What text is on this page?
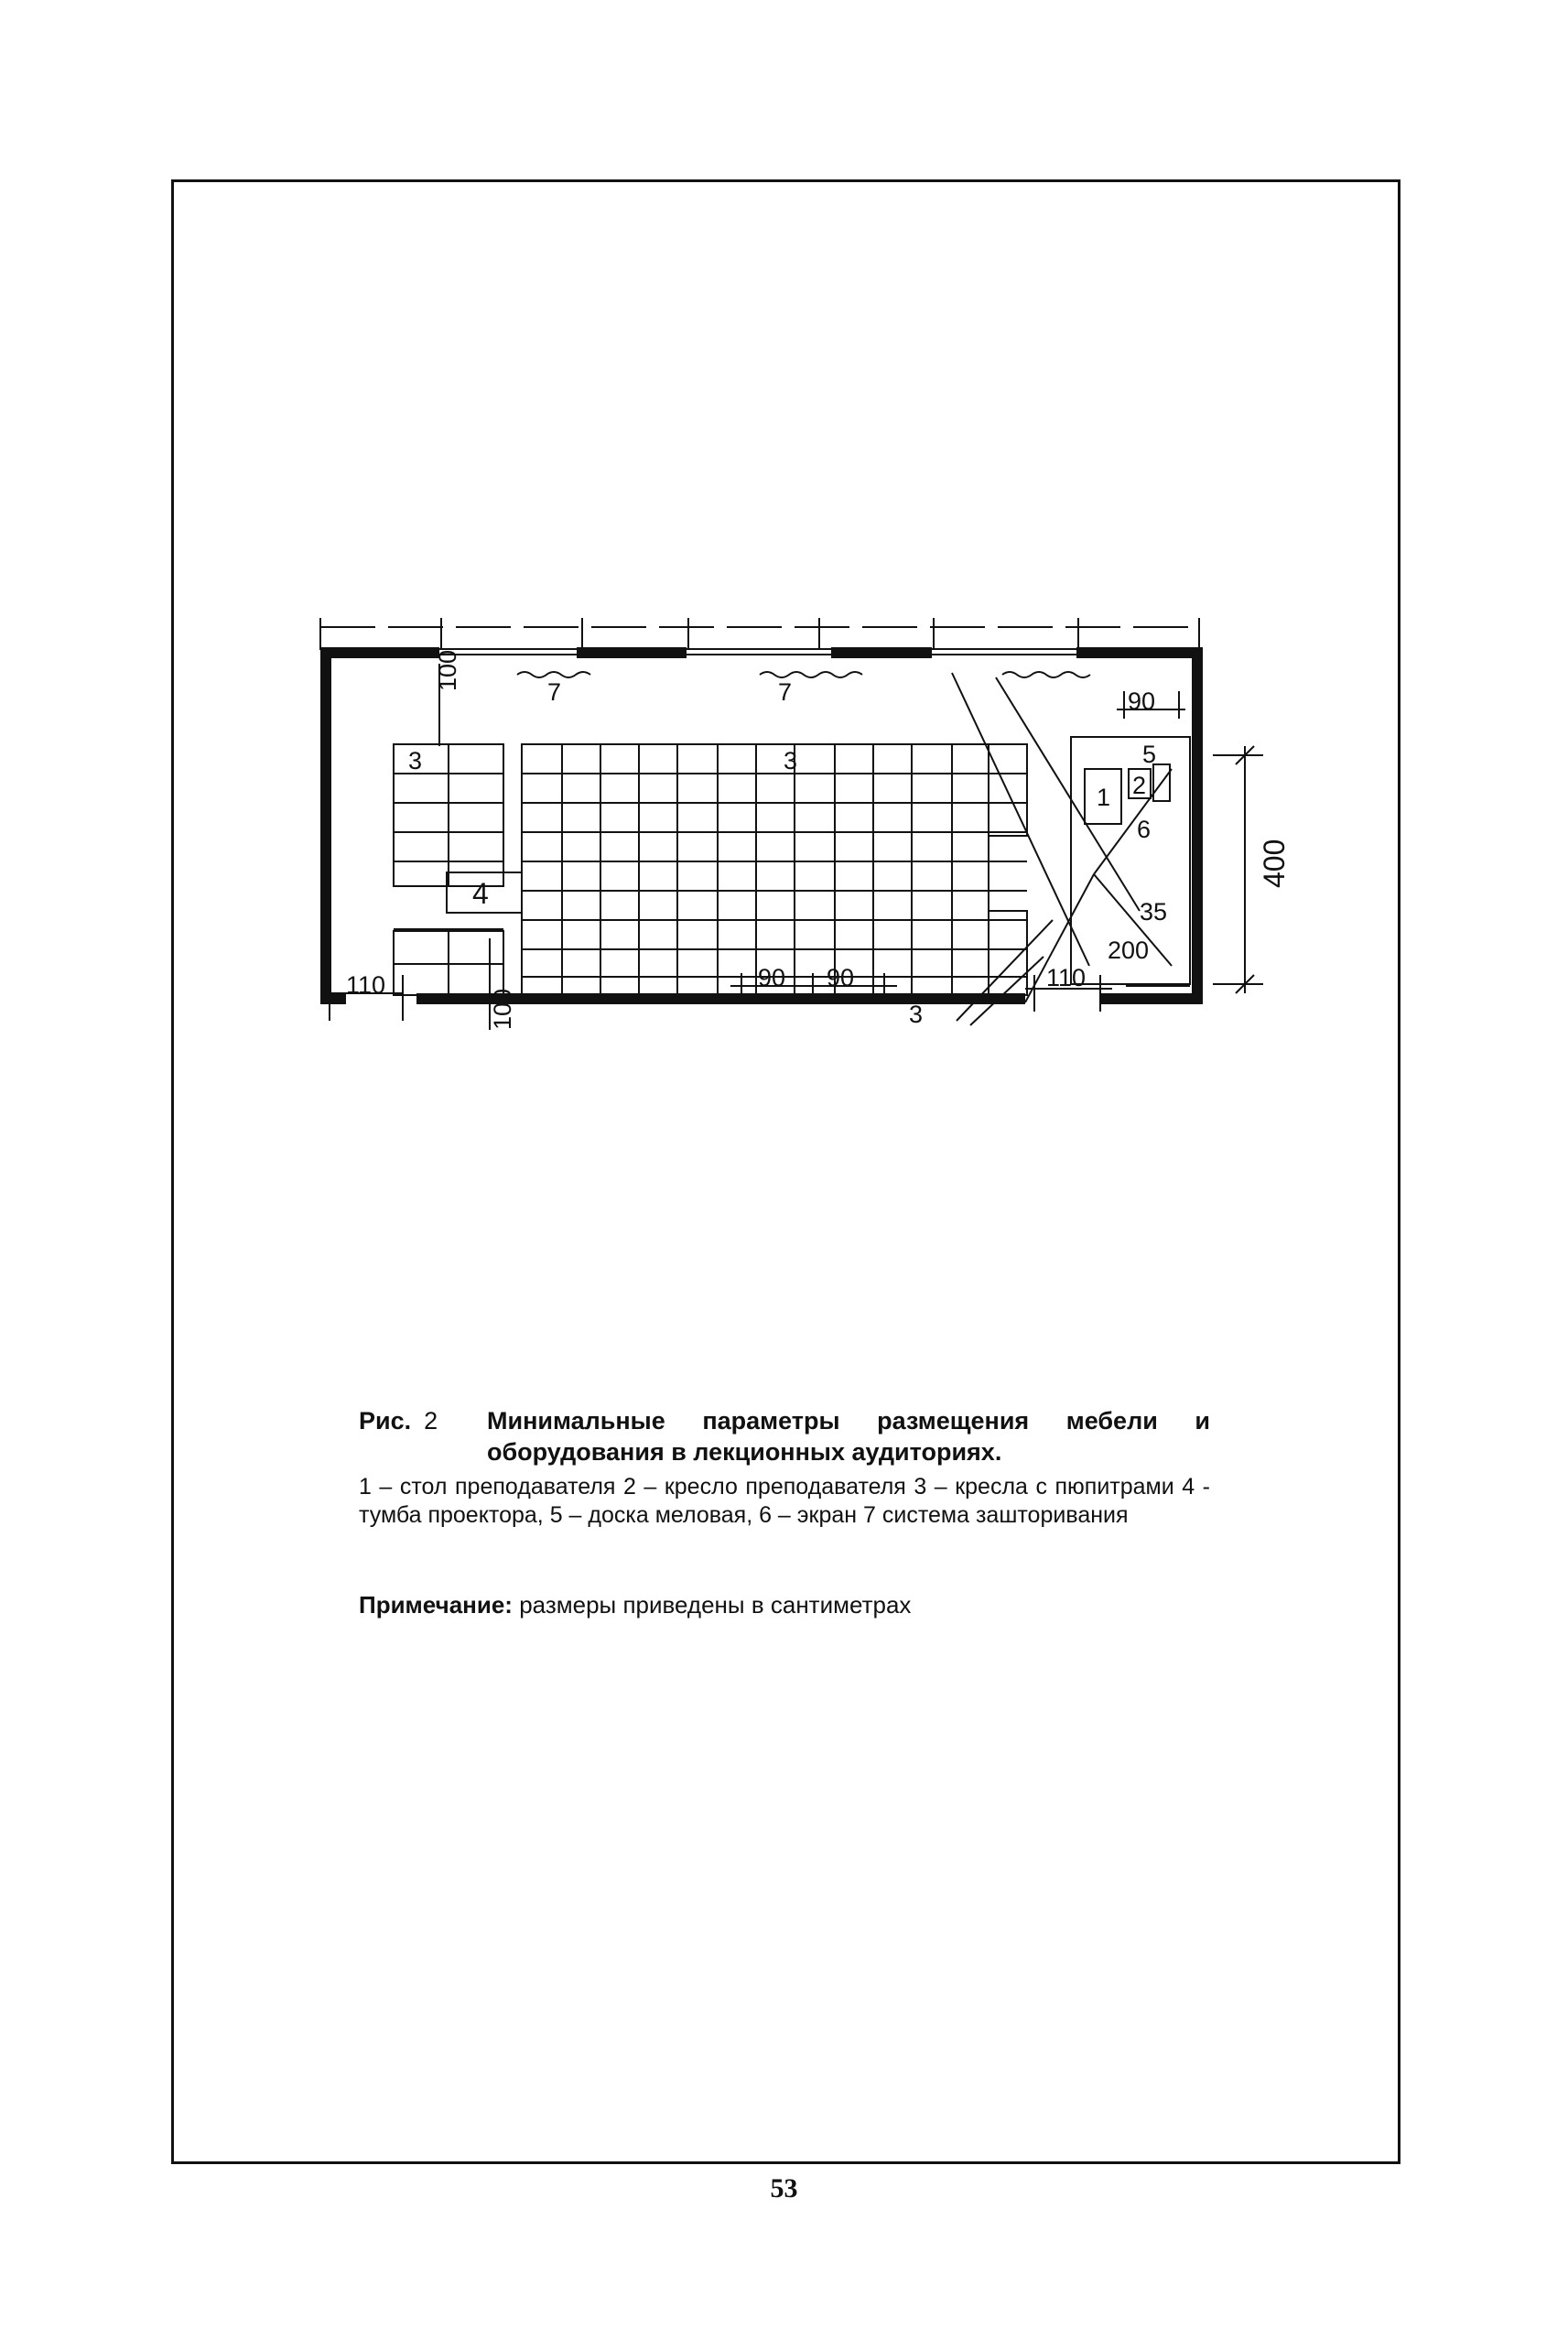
100
90
400
35
200
110
100
90 90	110
1 2
3	3
3
4
5
6
7	7
Рис. 2	Минимальные параметры размещения мебели и оборудования в лекционных аудиториях.
1 – стол преподавателя 2 – кресло преподавателя 3 – кресла с пюпитрами 4 - тумба проектора, 5 – доска меловая, 6 – экран 7 система зашторивания
Примечание: размеры приведены в сантиметрах
53
